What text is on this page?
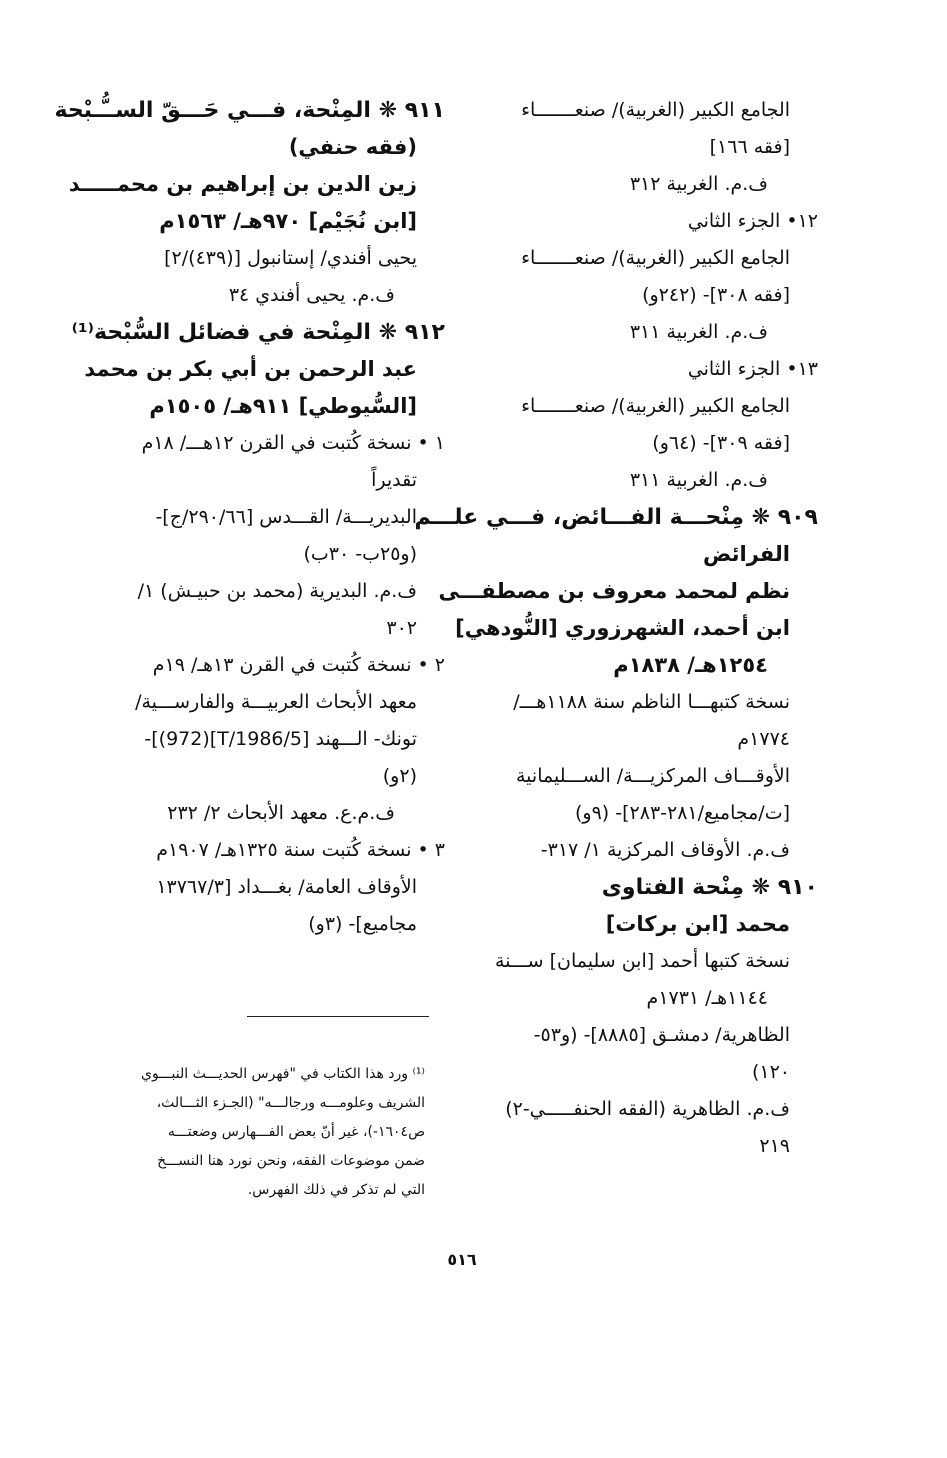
الجامع الكبير (الغربية)/ صنعـــــــاء
[فقه ١٦٦]
ف.م. الغربية ٣١٢
١٢• الجزء الثاني
الجامع الكبير (الغربية)/ صنعـــــــاء
[فقه ٣٠٨]- (٢٤٢و)
ف.م. الغربية ٣١١
١٣• الجزء الثاني
الجامع الكبير (الغربية)/ صنعـــــــاء
[فقه ٣٠٩]- (٦٤و)
ف.م. الغربية ٣١١
٩٠٩ ❋ مِنْحـــة الفـــائض، فـــي علـــم
الفرائض
نظم لمحمد معروف بن مصطفـــى
ابن أحمد، الشهرزوري [النُّودهي]
١٢٥٤هـ/ ١٨٣٨م
نسخة كتبهـــا الناظم سنة ١١٨٨هـــ/
١٧٧٤م
الأوقـــاف المركزيـــة/ الســـليمانية
[ت/مجاميع/٢٨١-٢٨٣]- (٩و)
ف.م. الأوقاف المركزية ١/ ٣١٧-
٩١٠ ❋ مِنْحة الفتاوى
محمد [ابن بركات]
نسخة كتبها أحمد [ابن سليمان] ســـنة
١١٤٤هـ/ ١٧٣١م
الظاهرية/ دمشـق [٨٨٨٥]- (و٥٣-
١٢٠)
ف.م. الظاهرية (الفقه الحنفـــــي-٢)
٢١٩
٩١١ ❋ المِنْحة، فـــي حَـــقّ الســُّـبْحة
(فقه حنفي)
زين الدين بن إبراهيم بن محمـــــد
[ابن نُجَيْم] ٩٧٠هـ/ ١٥٦٣م
يحيى أفندي/ إستانبول [(٤٣٩)/٢]
ف.م. يحيى أفندي ٣٤
٩١٢ ❋ المِنْحة في فضائل السُّبْحة⁽¹⁾
عبد الرحمن بن أبي بكر بن محمد
[السُّيوطي] ٩١١هـ/ ١٥٠٥م
١ • نسخة كُتبت في القرن ١٢هـــ/ ١٨م
تقديراً
البديريـــة/ القـــدس [٢٩٠/٦٦/ج]-
(و٢٥ب- ٣٠ب)
ف.م. البديرية (محمد بن حبيـش) ١/
٣٠٢
٢ • نسخة كُتبت في القرن ١٣هـ/ ١٩م
معهد الأبحاث العربيـــة والفارســـية/
تونك- الـــهند [T/1986/5](972)]-
(٢و)
ف.م.ع. معهد الأبحاث ٢/ ٢٣٢
٣ • نسخة كُتبت سنة ١٣٢٥هـ/ ١٩٠٧م
الأوقاف العامة/ بغـــداد [١٣٧٦٧/٣
مجاميع]- (٣و)
⁽¹⁾ ورد هذا الكتاب في "فهرس الحديـــث النبـــوي
الشريف وعلومـــه ورجالـــه" (الجـزء الثـــالث،
ص١٦٠٤-)، غير أنّ بعض الفـــهارس وضعتـــه
ضمن موضوعات الفقه، ونحن نورد هنا النســـخ
التي لم تذكر في ذلك الفهرس.
٥١٦
